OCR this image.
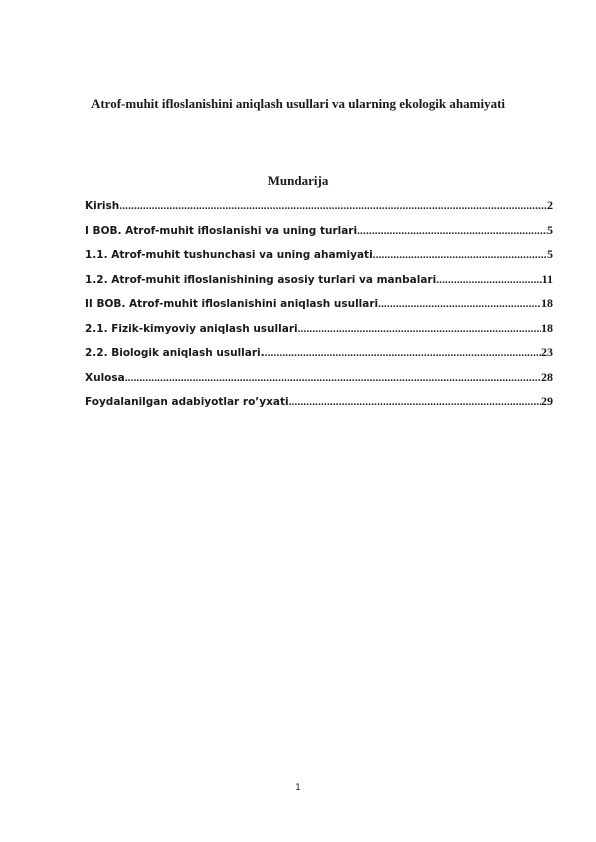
Atrof-muhit ifloslanishini aniqlash usullari va ularning ekologik ahamiyati
Mundarija
Kirish .....	2
I BOB. Atrof-muhit ifloslanishi va uning turlari .....	5
1.1. Atrof-muhit tushunchasi va uning ahamiyati .....	5
1.2. Atrof-muhit ifloslanishining asosiy turlari va manbalari .....	11
II BOB. Atrof-muhit ifloslanishini aniqlash usullari .....	18
2.1. Fizik-kimyoviy aniqlash usullari .....	18
2.2. Biologik aniqlash usullari. .....	23
Xulosa .....	28
Foydalanilgan adabiyotlar ro’yxati .....	29
1
